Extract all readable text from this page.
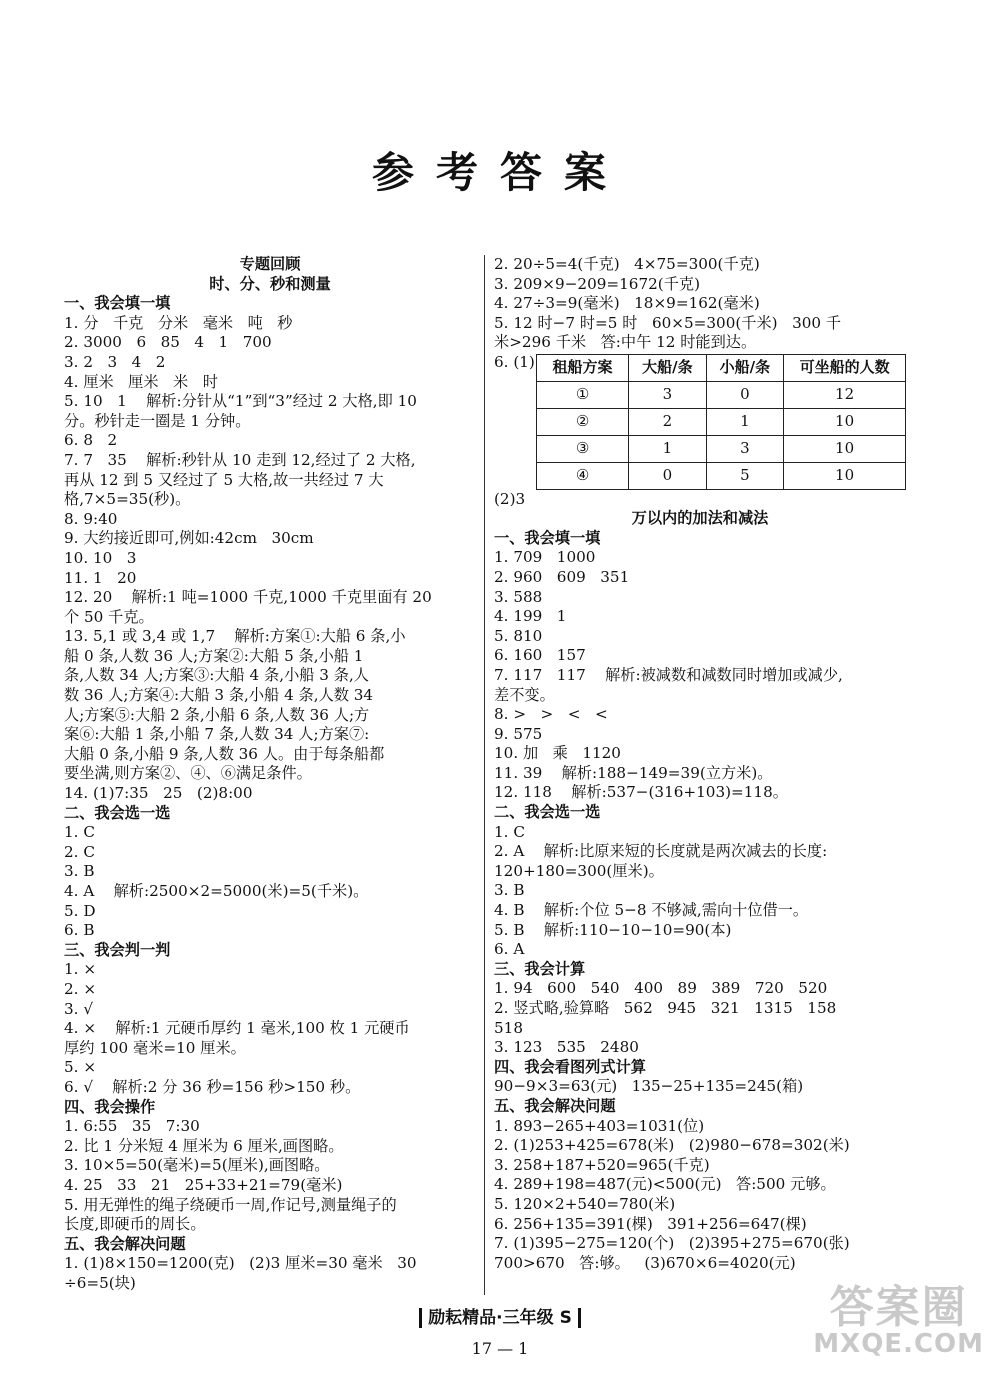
参考答案
专题回顾
时、分、秒和测量
一、我会填一填
1. 分   千克   分米   毫米   吨   秒
2. 3000   6   85   4   1   700
3. 2   3   4   2
4. 厘米   厘米   米   时
5. 10   1    解析:分针从“1”到“3”经过 2 大格,即 10
分。秒针走一圈是 1 分钟。
6. 8   2
7. 7   35    解析:秒针从 10 走到 12,经过了 2 大格,
再从 12 到 5 又经过了 5 大格,故一共经过 7 大
格,7×5=35(秒)。
8. 9:40
9. 大约接近即可,例如:42cm   30cm
10. 10   3
11. 1   20
12. 20    解析:1 吨=1000 千克,1000 千克里面有 20
个 50 千克。
13. 5,1 或 3,4 或 1,7    解析:方案①:大船 6 条,小
船 0 条,人数 36 人;方案②:大船 5 条,小船 1
条,人数 34 人;方案③:大船 4 条,小船 3 条,人
数 36 人;方案④:大船 3 条,小船 4 条,人数 34
人;方案⑤:大船 2 条,小船 6 条,人数 36 人;方
案⑥:大船 1 条,小船 7 条,人数 34 人;方案⑦:
大船 0 条,小船 9 条,人数 36 人。由于每条船都
要坐满,则方案②、④、⑥满足条件。
14. (1)7:35   25   (2)8:00
二、我会选一选
1. C
2. C
3. B
4. A    解析:2500×2=5000(米)=5(千米)。
5. D
6. B
三、我会判一判
1. ×
2. ×
3. √
4. ×    解析:1 元硬币厚约 1 毫米,100 枚 1 元硬币
厚约 100 毫米=10 厘米。
5. ×
6. √    解析:2 分 36 秒=156 秒>150 秒。
四、我会操作
1. 6:55   35   7:30
2. 比 1 分米短 4 厘米为 6 厘米,画图略。
3. 10×5=50(毫米)=5(厘米),画图略。
4. 25   33   21   25+33+21=79(毫米)
5. 用无弹性的绳子绕硬币一周,作记号,测量绳子的
长度,即硬币的周长。
五、我会解决问题
1. (1)8×150=1200(克)   (2)3 厘米=30 毫米   30
÷6=5(块)
2. 20÷5=4(千克)   4×75=300(千克)
3. 209×9−209=1672(千克)
4. 27÷3=9(毫米)   18×9=162(毫米)
5. 12 时−7 时=5 时   60×5=300(千米)   300 千
米>296 千米   答:中午 12 时能到达。
6. (1)	租船方案	大船/条	小船/条	可坐船的人数
①	3	0	12
②	2	1	10
③	1	3	10
④	0	5	10
(2)3
万以内的加法和减法
一、我会填一填
1. 709   1000
2. 960   609   351
3. 588
4. 199   1
5. 810
6. 160   157
7. 117   117    解析:被减数和减数同时增加或减少,
差不变。
8. >   >   <   <
9. 575
10. 加   乘   1120
11. 39    解析:188−149=39(立方米)。
12. 118    解析:537−(316+103)=118。
二、我会选一选
1. C
2. A    解析:比原来短的长度就是两次减去的长度:
120+180=300(厘米)。
3. B
4. B    解析:个位 5−8 不够减,需向十位借一。
5. B    解析:110−10−10=90(本)
6. A
三、我会计算
1. 94   600   540   400   89   389   720   520
2. 竖式略,验算略   562   945   321   1315   158
518
3. 123   535   2480
四、我会看图列式计算
90−9×3=63(元)   135−25+135=245(箱)
五、我会解决问题
1. 893−265+403=1031(位)
2. (1)253+425=678(米)   (2)980−678=302(米)
3. 258+187+520=965(千克)
4. 289+198=487(元)<500(元)   答:500 元够。
5. 120×2+540=780(米)
6. 256+135=391(棵)   391+256=647(棵)
7. (1)395−275=120(个)   (2)395+275=670(张)
700>670   答:够。   (3)670×6=4020(元)
励耘精品·三年级 S
17 — 1
答案圈
MXQE.COM
